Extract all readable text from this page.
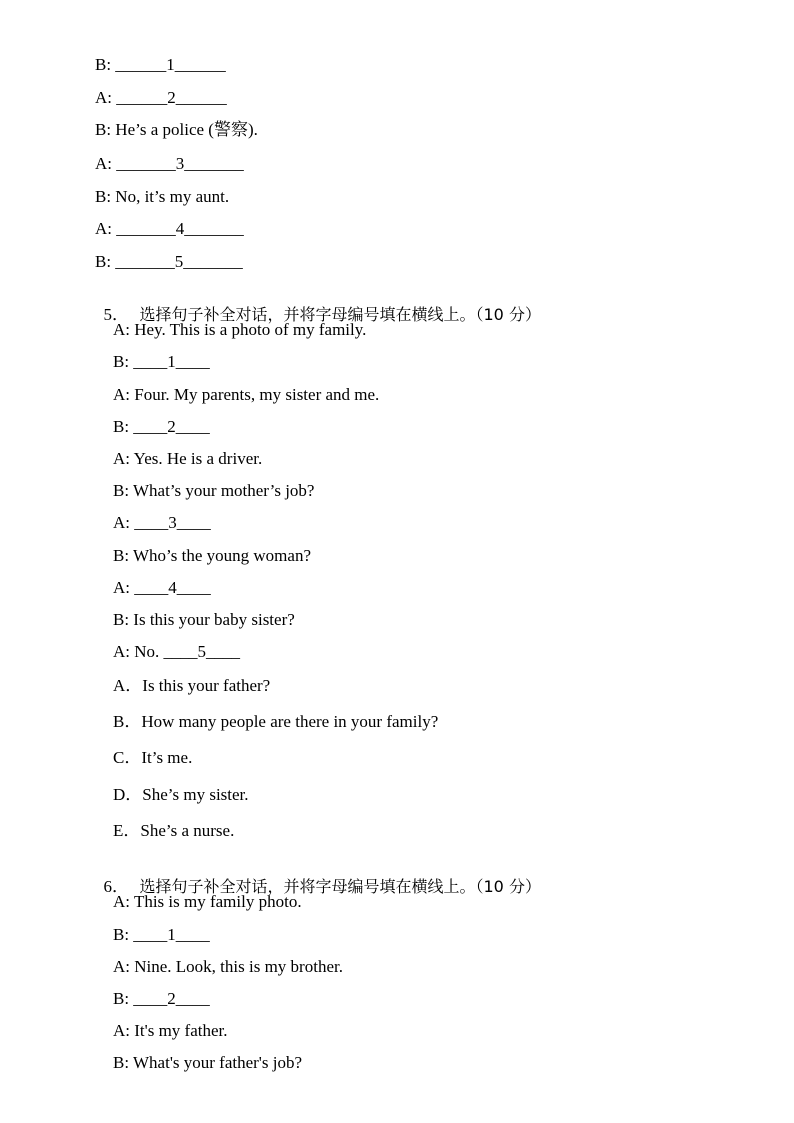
B: ______1______
A: ______2______
B: He’s a police (警察).
A: _______3_______
B: No, it’s my aunt.
A: _______4_______
B: _______5_______

5． 选择句子补全对话，并将字母编号填在横线上。（10 分）

A: Hey. This is a photo of my family.
B: ____1____
A: Four. My parents, my sister and me.
B: ____2____
A: Yes. He is a driver.
B: What’s your mother’s job?
A: ____3____
B: Who’s the young woman?
A: ____4____
B: Is this your baby sister?
A: No. ____5____
A．Is this your father?
B．How many people are there in your family?
C．It’s me.
D．She’s my sister.
E．She’s a nurse.

6． 选择句子补全对话，并将字母编号填在横线上。（10 分）

A: This is my family photo.
B: ____1____
A: Nine. Look, this is my brother.
B: ____2____
A: It's my father.
B: What's your father's job?
